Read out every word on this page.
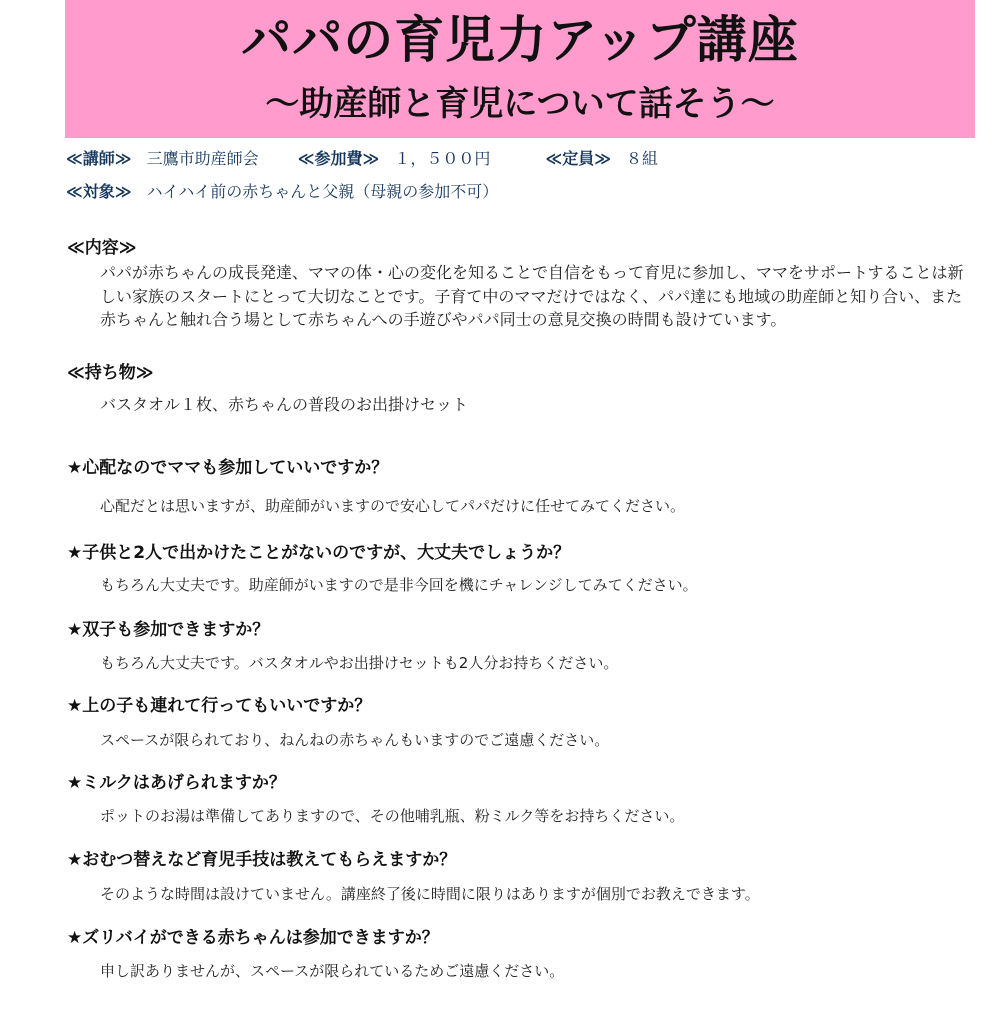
パパの育児力アップ講座
～助産師と育児について話そう～
≪講師≫ 三鷹市助産師会 ≪参加費≫ １，５００円	≪定員≫ ８組
≪対象≫ ハイハイ前の赤ちゃんと父親（母親の参加不可）
≪内容≫
パパが赤ちゃんの成長発達、ママの体・心の変化を知ることで自信をもって育児に参加し、ママをサポートすることは新しい家族のスタートにとって大切なことです。子育て中のママだけではなく、パパ達にも地域の助産師と知り合い、また赤ちゃんと触れ合う場として赤ちゃんへの手遊びやパパ同士の意見交換の時間も設けています。
≪持ち物≫
バスタオル１枚、赤ちゃんの普段のお出掛けセット
★心配なのでママも参加していいですか？
心配だとは思いますが、助産師がいますので安心してパパだけに任せてみてください。
★子供と2人で出かけたことがないのですが、大丈夫でしょうか？
もちろん大丈夫です。助産師がいますので是非今回を機にチャレンジしてみてください。
★双子も参加できますか？
もちろん大丈夫です。バスタオルやお出掛けセットも2人分お持ちください。
★上の子も連れて行ってもいいですか？
スペースが限られており、ねんねの赤ちゃんもいますのでご遠慮ください。
★ミルクはあげられますか？
ポットのお湯は準備してありますので、その他哺乳瓶、粉ミルク等をお持ちください。
★おむつ替えなど育児手技は教えてもらえますか？
そのような時間は設けていません。講座終了後に時間に限りはありますが個別でお教えできます。
★ズリバイができる赤ちゃんは参加できますか？
申し訳ありませんが、スペースが限られているためご遠慮ください。
